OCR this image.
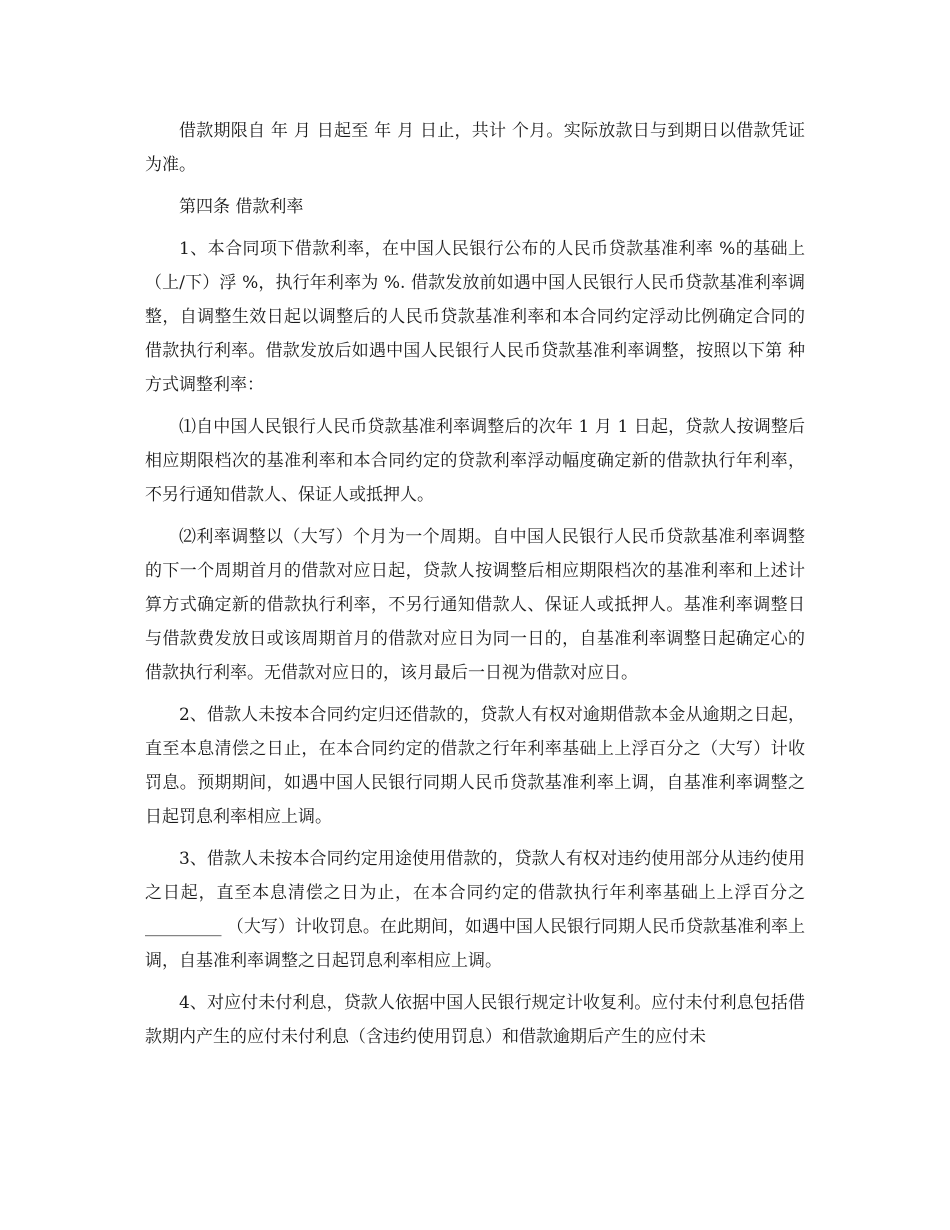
借款期限自 年 月 日起至 年 月 日止，共计 个月。实际放款日与到期日以借款凭证为准。

第四条 借款利率

1、本合同项下借款利率，在中国人民银行公布的人民币贷款基准利率 %的基础上（上/下）浮 %，执行年利率为 %. 借款发放前如遇中国人民银行人民币贷款基准利率调整，自调整生效日起以调整后的人民币贷款基准利率和本合同约定浮动比例确定合同的借款执行利率。借款发放后如遇中国人民银行人民币贷款基准利率调整，按照以下第 种方式调整利率：

⑴自中国人民银行人民币贷款基准利率调整后的次年 1 月 1 日起，贷款人按调整后相应期限档次的基准利率和本合同约定的贷款利率浮动幅度确定新的借款执行年利率，不另行通知借款人、保证人或抵押人。

⑵利率调整以（大写）个月为一个周期。自中国人民银行人民币贷款基准利率调整的下一个周期首月的借款对应日起，贷款人按调整后相应期限档次的基准利率和上述计算方式确定新的借款执行利率，不另行通知借款人、保证人或抵押人。基准利率调整日与借款费发放日或该周期首月的借款对应日为同一日的，自基准利率调整日起确定心的借款执行利率。无借款对应日的，该月最后一日视为借款对应日。

2、借款人未按本合同约定归还借款的，贷款人有权对逾期借款本金从逾期之日起，直至本息清偿之日止，在本合同约定的借款之行年利率基础上上浮百分之（大写）计收罚息。预期期间，如遇中国人民银行同期人民币贷款基准利率上调，自基准利率调整之日起罚息利率相应上调。

3、借款人未按本合同约定用途使用借款的，贷款人有权对违约使用部分从违约使用之日起，直至本息清偿之日为止，在本合同约定的借款执行年利率基础上上浮百分之_________ （大写）计收罚息。在此期间，如遇中国人民银行同期人民币贷款基准利率上调，自基准利率调整之日起罚息利率相应上调。

4、对应付未付利息，贷款人依据中国人民银行规定计收复利。应付未付利息包括借款期内产生的应付未付利息（含违约使用罚息）和借款逾期后产生的应付未
